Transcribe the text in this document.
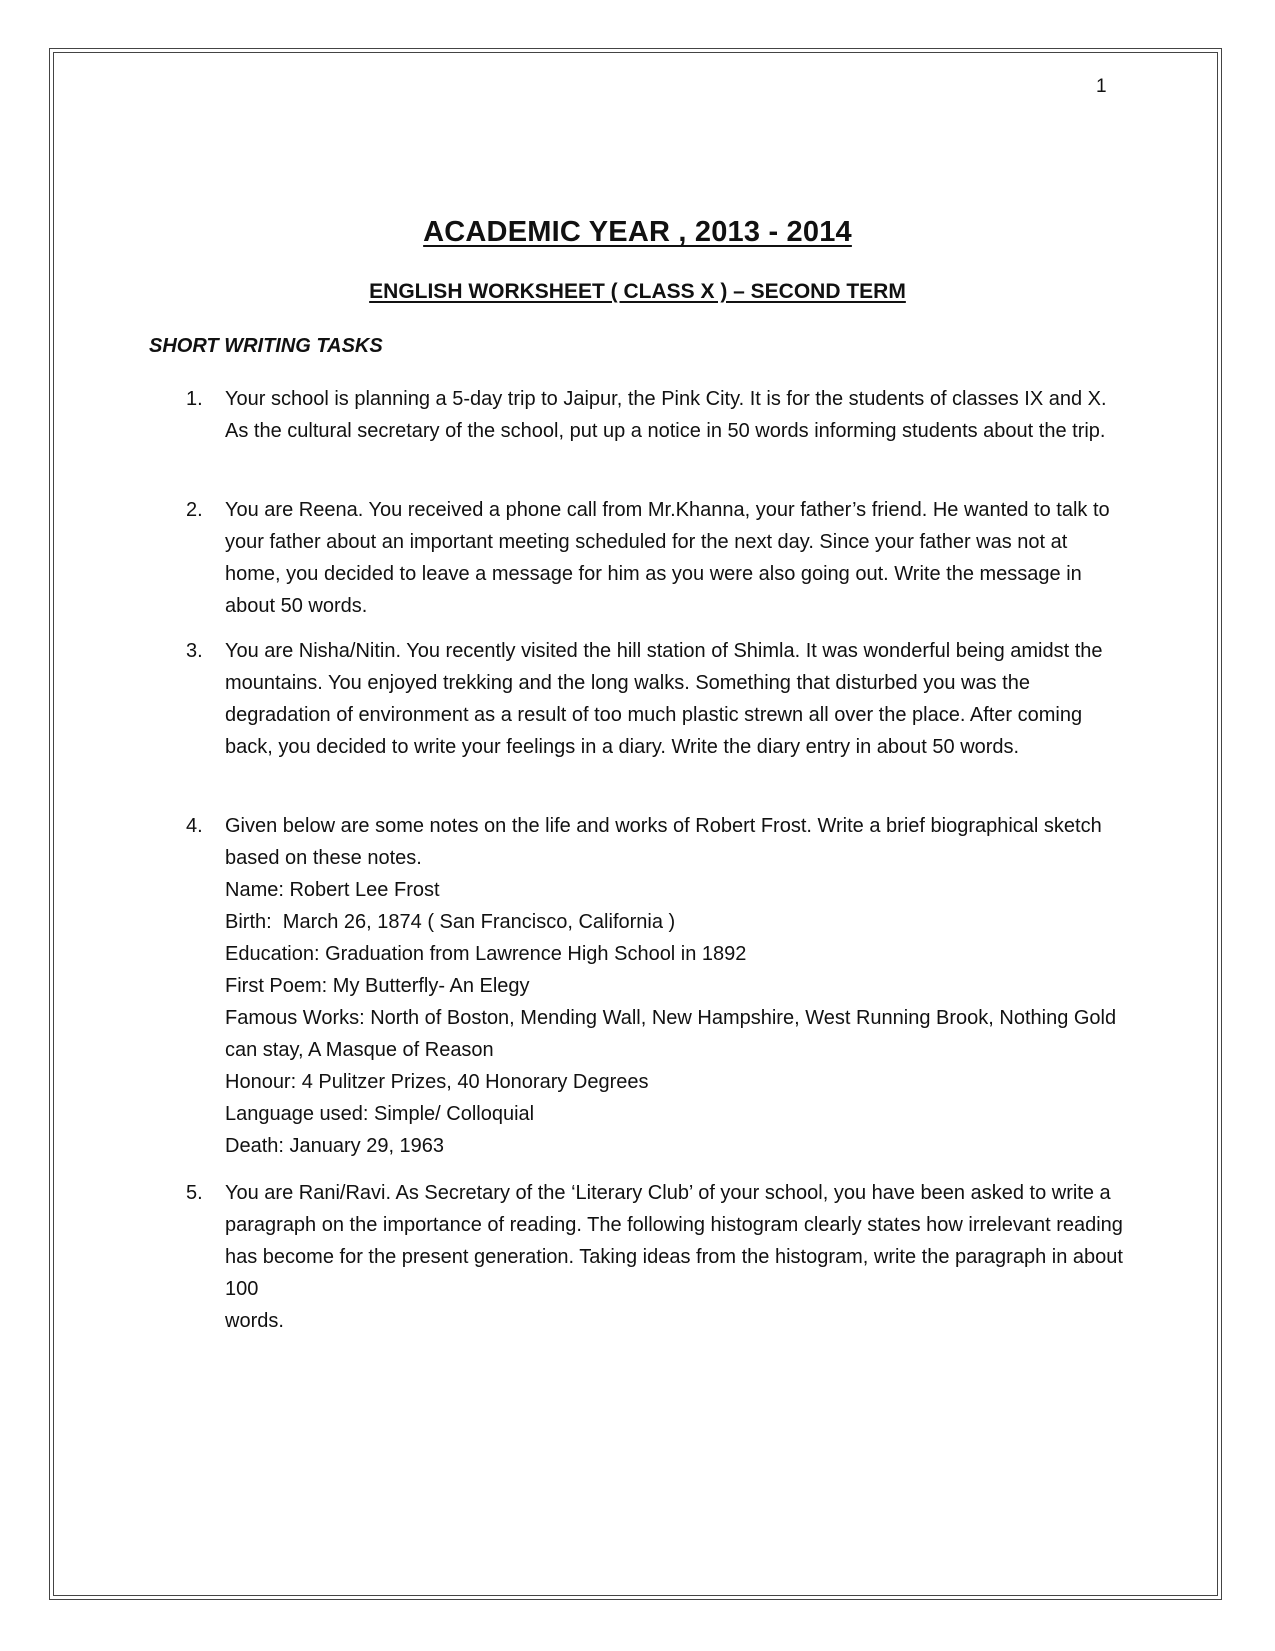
1
ACADEMIC YEAR , 2013 - 2014
ENGLISH WORKSHEET ( CLASS X ) – SECOND TERM
SHORT WRITING TASKS
1.	Your school is planning a 5-day trip to Jaipur, the Pink City. It is for the students of classes IX and X. As the cultural secretary of the school, put up a notice in 50 words informing students about the trip.
2.	You are Reena. You received a phone call from Mr.Khanna, your father’s friend. He wanted to talk to your father about an important meeting scheduled for the next day. Since your father was not at home, you decided to leave a message for him as you were also going out. Write the message in about 50 words.
3.	You are Nisha/Nitin. You recently visited the hill station of Shimla. It was wonderful being amidst the mountains. You enjoyed trekking and the long walks. Something that disturbed you was the degradation of environment as a result of too much plastic strewn all over the place. After coming back, you decided to write your feelings in a diary. Write the diary entry in about 50 words.
4.	Given below are some notes on the life and works of Robert Frost. Write a brief biographical sketch based on these notes.
Name: Robert Lee Frost
Birth:  March 26, 1874 ( San Francisco, California )
Education: Graduation from Lawrence High School in 1892
First Poem: My Butterfly- An Elegy
Famous Works: North of Boston, Mending Wall, New Hampshire, West Running Brook, Nothing Gold can stay, A Masque of Reason
Honour: 4 Pulitzer Prizes, 40 Honorary Degrees
Language used: Simple/ Colloquial
Death: January 29, 1963
5.	You are Rani/Ravi. As Secretary of the ‘Literary Club’ of your school, you have been asked to write a paragraph on the importance of reading. The following histogram clearly states how irrelevant reading has become for the present generation. Taking ideas from the histogram, write the paragraph in about 100
words.
